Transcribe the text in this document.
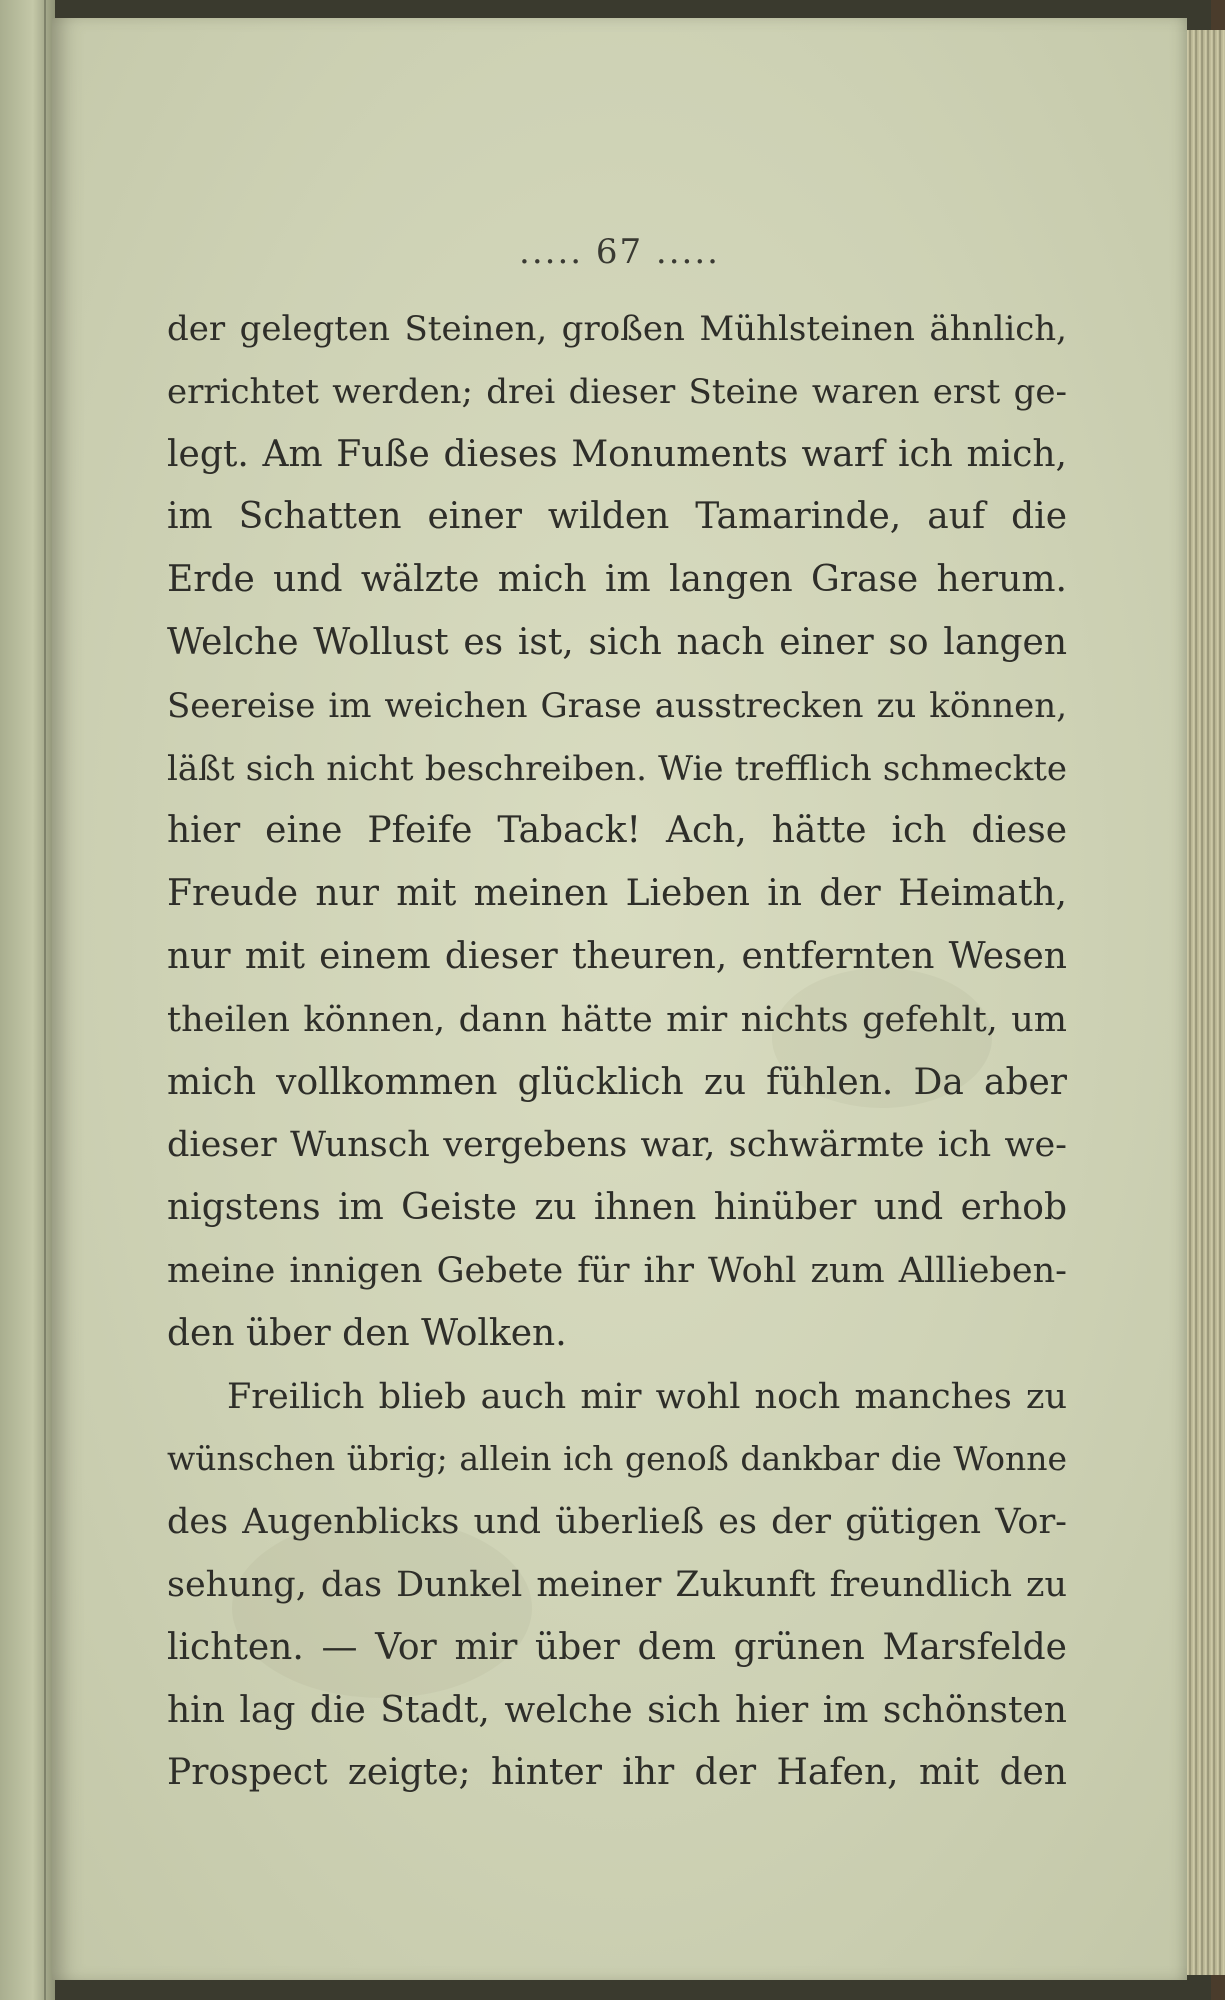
..... 67 .....
der gelegten Steinen, großen Mühlsteinen ähnlich,
errichtet werden; drei dieser Steine waren erst ge-
legt. Am Fuße dieses Monuments warf ich mich,
im Schatten einer wilden Tamarinde, auf die
Erde und wälzte mich im langen Grase herum.
Welche Wollust es ist, sich nach einer so langen
Seereise im weichen Grase ausstrecken zu können,
läßt sich nicht beschreiben. Wie trefflich schmeckte
hier eine Pfeife Taback! Ach, hätte ich diese
Freude nur mit meinen Lieben in der Heimath,
nur mit einem dieser theuren, entfernten Wesen
theilen können, dann hätte mir nichts gefehlt, um
mich vollkommen glücklich zu fühlen. Da aber
dieser Wunsch vergebens war, schwärmte ich we-
nigstens im Geiste zu ihnen hinüber und erhob
meine innigen Gebete für ihr Wohl zum Alllieben-
den über den Wolken.
Freilich blieb auch mir wohl noch manches zu
wünschen übrig; allein ich genoß dankbar die Wonne
des Augenblicks und überließ es der gütigen Vor-
sehung, das Dunkel meiner Zukunft freundlich zu
lichten. — Vor mir über dem grünen Marsfelde
hin lag die Stadt, welche sich hier im schönsten
Prospect zeigte; hinter ihr der Hafen, mit den
